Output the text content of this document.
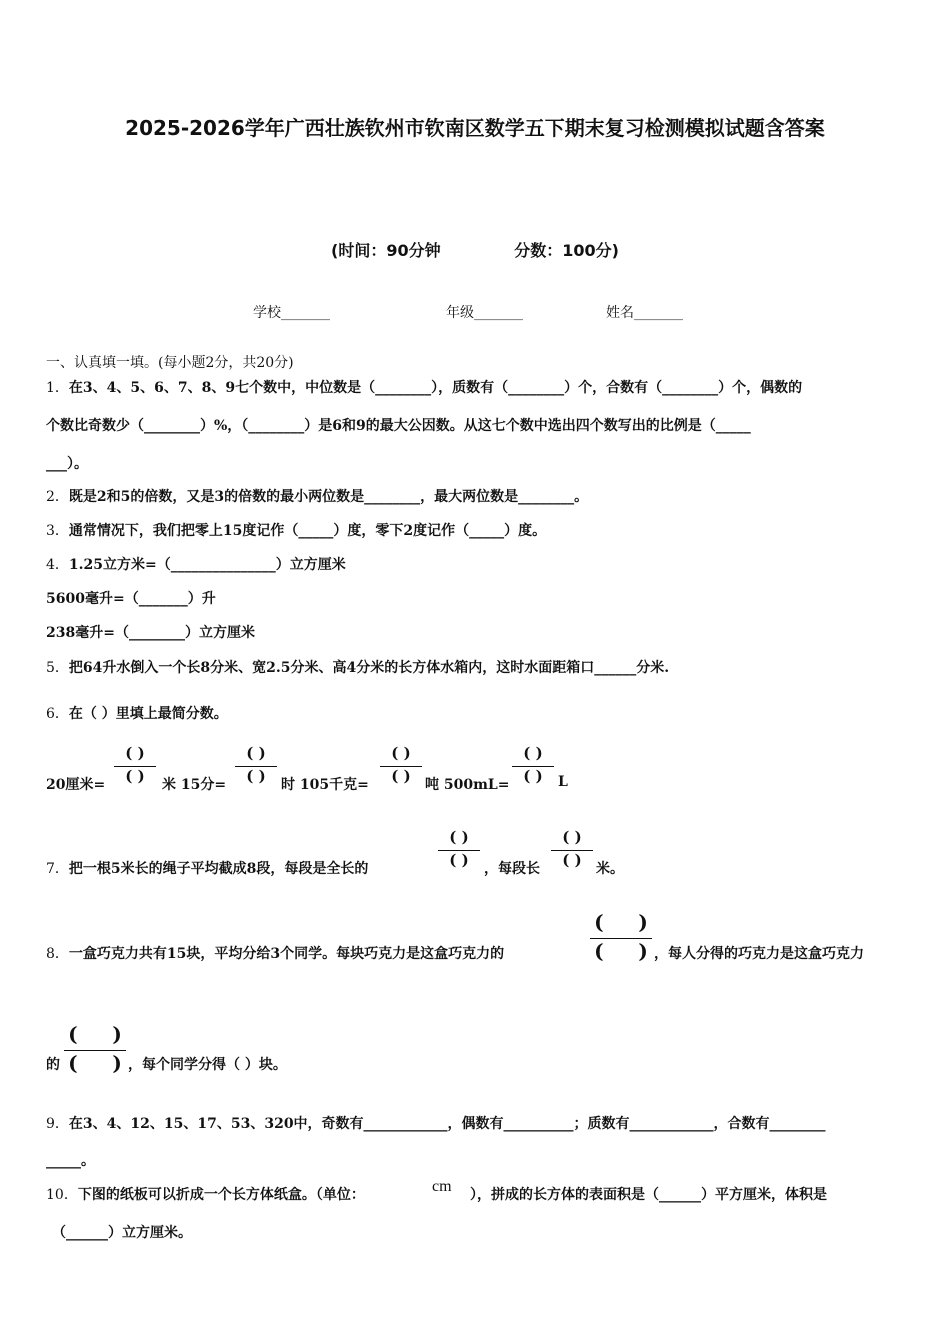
2025-2026学年广西壮族钦州市钦南区数学五下期末复习检测模拟试题含答案
(时间：90分钟	分数：100分)
学校_______	年级_______	姓名_______
一、认真填一填。(每小题2分，共20分)
1．在3、4、5、6、7、8、9七个数中，中位数是（________），质数有（________）个，合数有（________）个，偶数的
个数比奇数少（________）%，（________）是6和9的最大公因数。从这七个数中选出四个数写出的比例是（_____
___）。
2．既是2和5的倍数，又是3的倍数的最小两位数是________，最大两位数是________。
3．通常情况下，我们把零上15度记作（_____）度，零下2度记作（_____）度。
4．1.25立方米=（_______________）立方厘米
5600毫升=（_______）升
238毫升=（________）立方厘米
5．把64升水倒入一个长8分米、宽2.5分米、高4分米的长方体水箱内，这时水面距箱口______分米.
6．在（ ）里填上最简分数。
20厘米=
( )
( )	米 15分=
( )
( )	时 105千克=
( )
( )	吨 500mL=
( )
( )	L
7．把一根5米长的绳子平均截成8段，每段是全长的
( )
( )	，每段长
( )
( )	米。
8．一盒巧克力共有15块，平均分给3个同学。每块巧克力是这盒巧克力的
( )
( ) ，每人分得的巧克力是这盒巧克力
的
( )
( ) ，每个同学分得（ ）块。
9．在3、4、12、15、17、53、320中，奇数有____________，偶数有__________；质数有____________，合数有________
_____。
10．下图的纸板可以折成一个长方体纸盒。（单位：	cm ），拼成的长方体的表面积是（______）平方厘米，体积是
（______）立方厘米。
